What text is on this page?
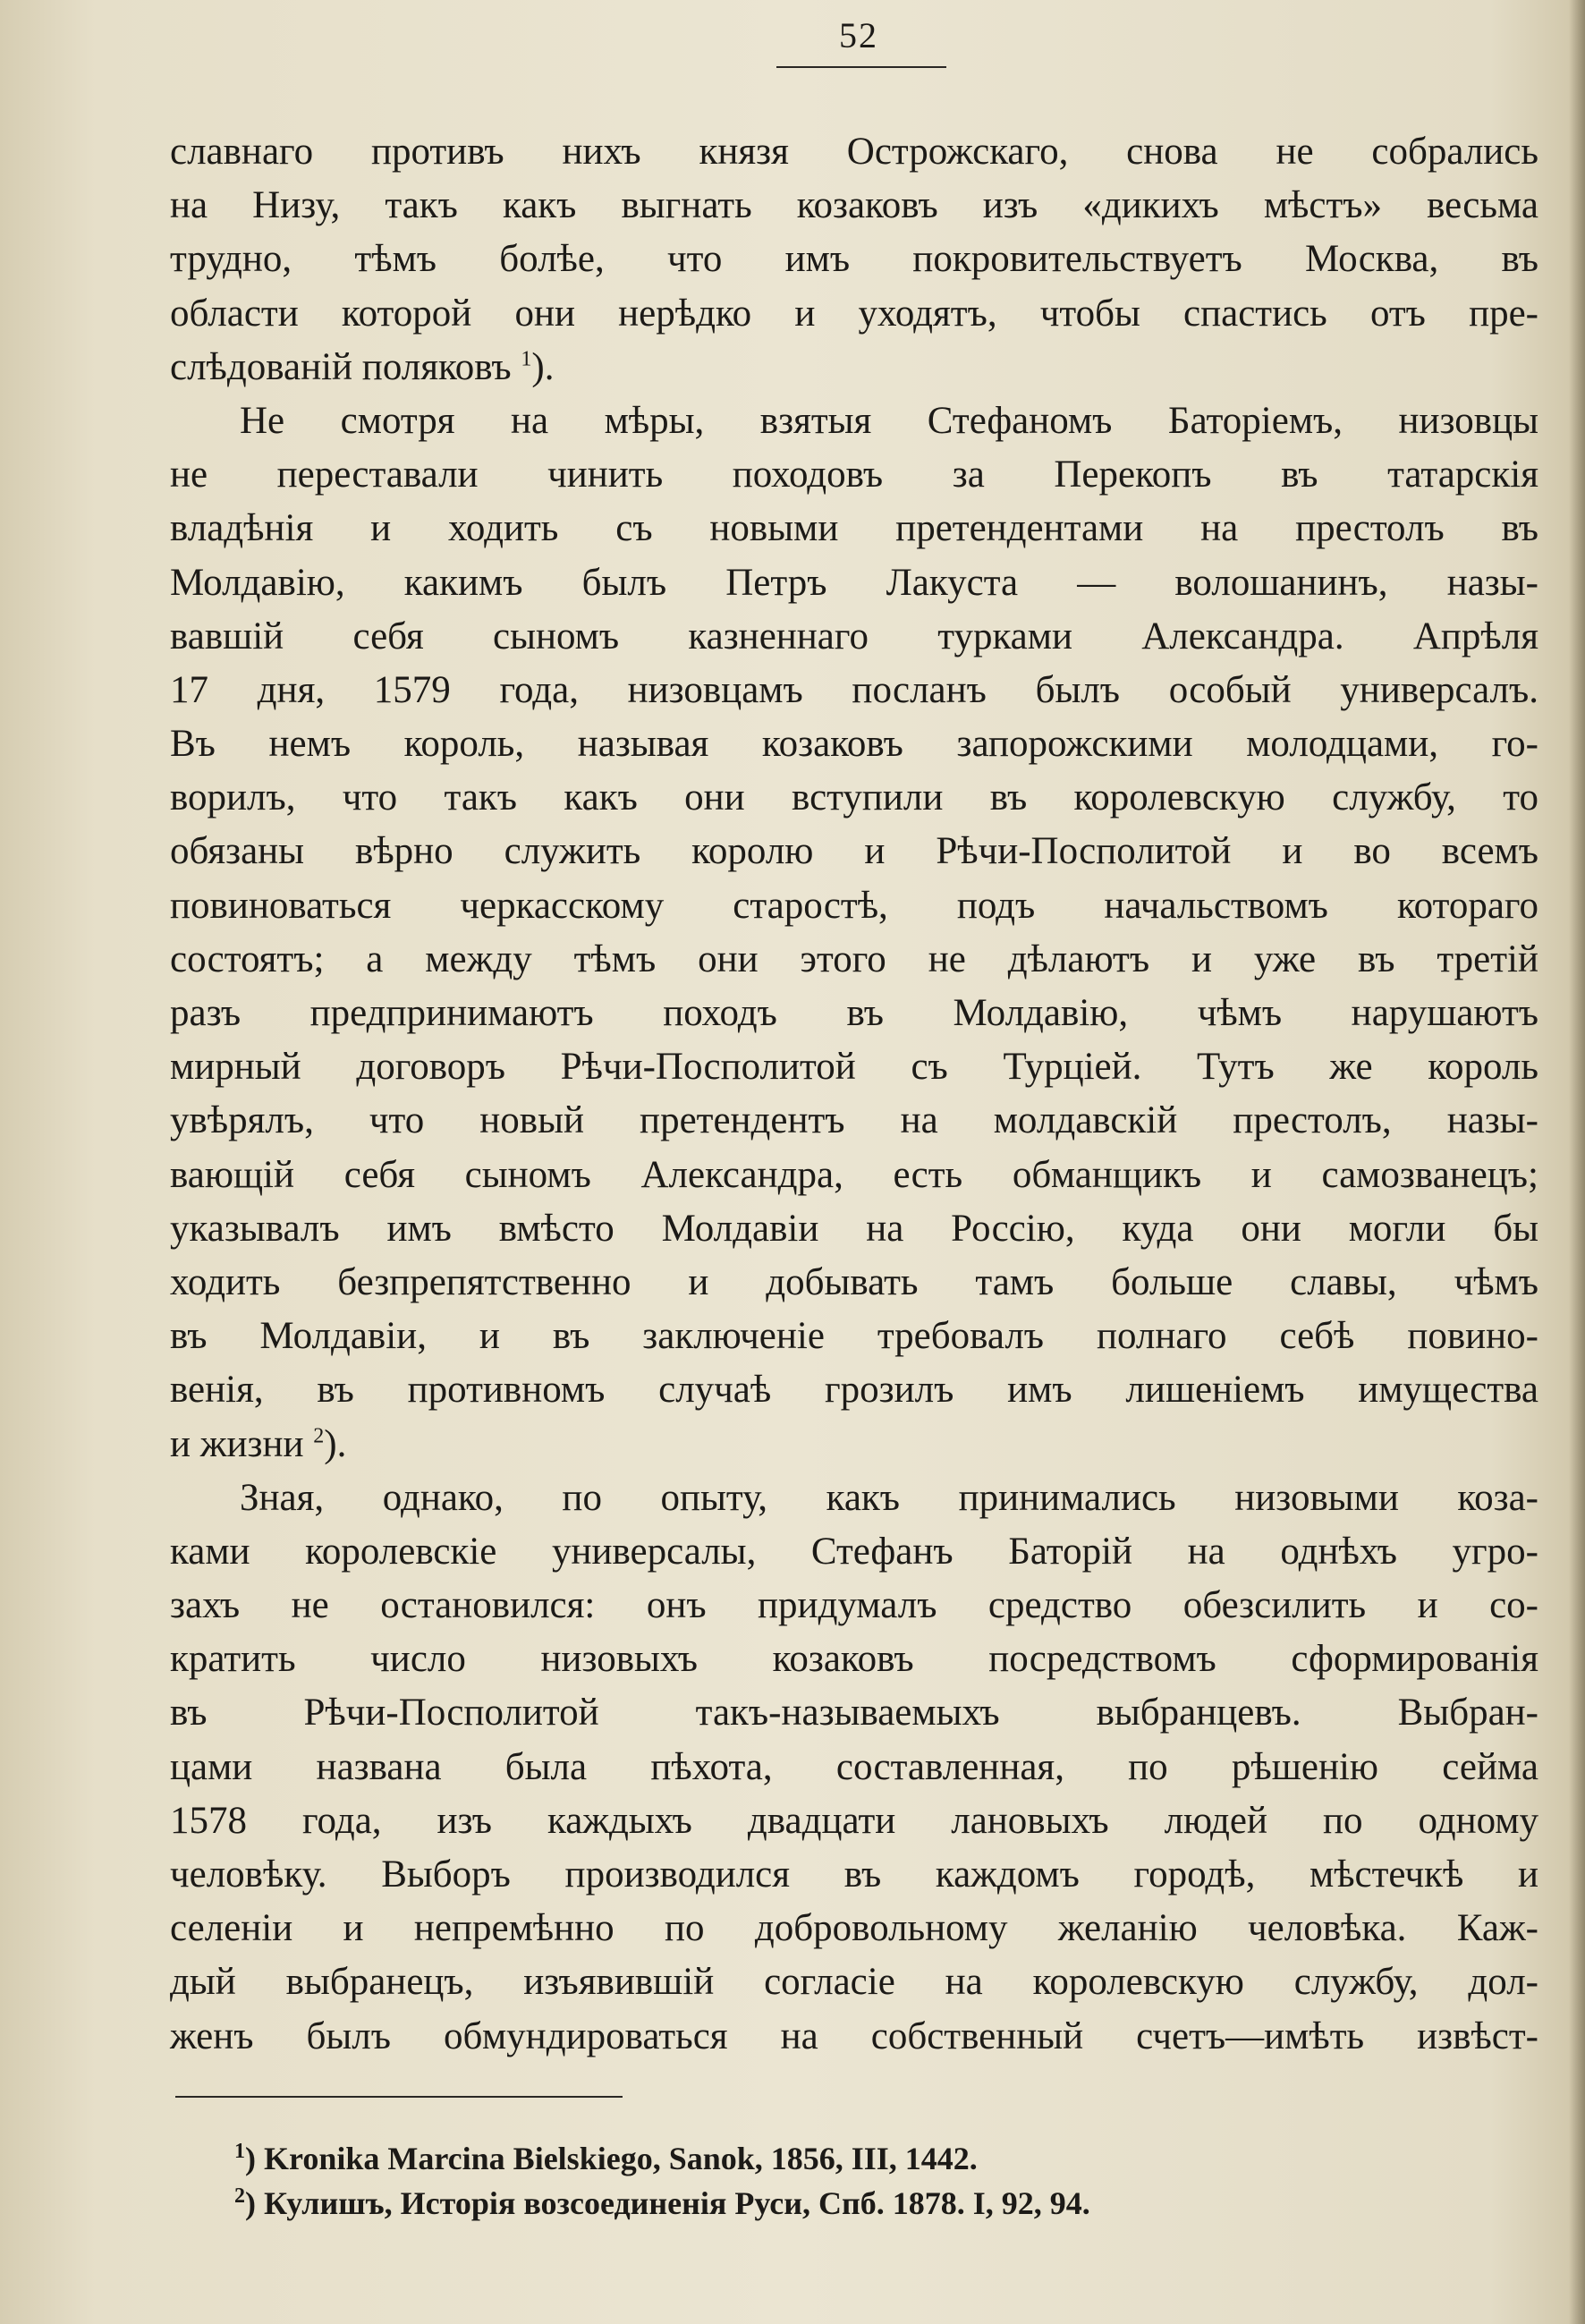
52
славнаго противъ нихъ князя Острожскаго, снова не собрались
на Низу, такъ какъ выгнать козаковъ изъ «дикихъ мѣстъ» весьма
трудно, тѣмъ болѣе, что имъ покровительствуетъ Москва, въ
области которой они нерѣдко и уходятъ, чтобы спастись отъ пре-
слѣдованій поляковъ $^1$).
Не смотря на мѣры, взятыя Стефаномъ Баторіемъ, низовцы
не переставали чинить походовъ за Перекопъ въ татарскія
владѣнія и ходить съ новыми претендентами на престолъ въ
Молдавію, какимъ былъ Петръ Лакуста — волошанинъ, назы-
вавшій себя сыномъ казненнаго турками Александра. Апрѣля
17 дня, 1579 года, низовцамъ посланъ былъ особый универсалъ.
Въ немъ король, называя козаковъ запорожскими молодцами, го-
ворилъ, что такъ какъ они вступили въ королевскую службу, то
обязаны вѣрно служить королю и Рѣчи-Посполитой и во всемъ
повиноваться черкасскому старостѣ, подъ начальствомъ котораго
состоятъ; а между тѣмъ они этого не дѣлаютъ и уже въ третій
разъ предпринимаютъ походъ въ Молдавію, чѣмъ нарушаютъ
мирный договоръ Рѣчи-Посполитой съ Турціей. Тутъ же король
увѣрялъ, что новый претендентъ на молдавскій престолъ, назы-
вающій себя сыномъ Александра, есть обманщикъ и самозванецъ;
указывалъ имъ вмѣсто Молдавіи на Россію, куда они могли бы
ходить безпрепятственно и добывать тамъ больше славы, чѣмъ
въ Молдавіи, и въ заключеніе требовалъ полнаго себѣ повино-
венія, въ противномъ случаѣ грозилъ имъ лишеніемъ имущества
и жизни $^2$).
Зная, однако, по опыту, какъ принимались низовыми коза-
ками королевскіе универсалы, Стефанъ Баторій на однѣхъ угро-
захъ не остановился: онъ придумалъ средство обезсилить и со-
кратить число низовыхъ козаковъ посредствомъ сформированія
въ Рѣчи-Посполитой такъ-называемыхъ выбранцевъ. Выбран-
цами названа была пѣхота, составленная, по рѣшенію сейма
1578 года, изъ каждыхъ двадцати лановыхъ людей по одному
человѣку. Выборъ производился въ каждомъ городѣ, мѣстечкѣ и
селеніи и непремѣнно по добровольному желанію человѣка. Каж-
дый выбранецъ, изъявившій согласіе на королевскую службу, дол-
женъ былъ обмундироваться на собственный счетъ—имѣть извѣст-
$^1$) Kronika Marcina Bielskiego, Sanok, 1856, III, 1442.
$^2$) Кулишъ, Исторія возсоединенія Руси, Спб. 1878. I, 92, 94.
